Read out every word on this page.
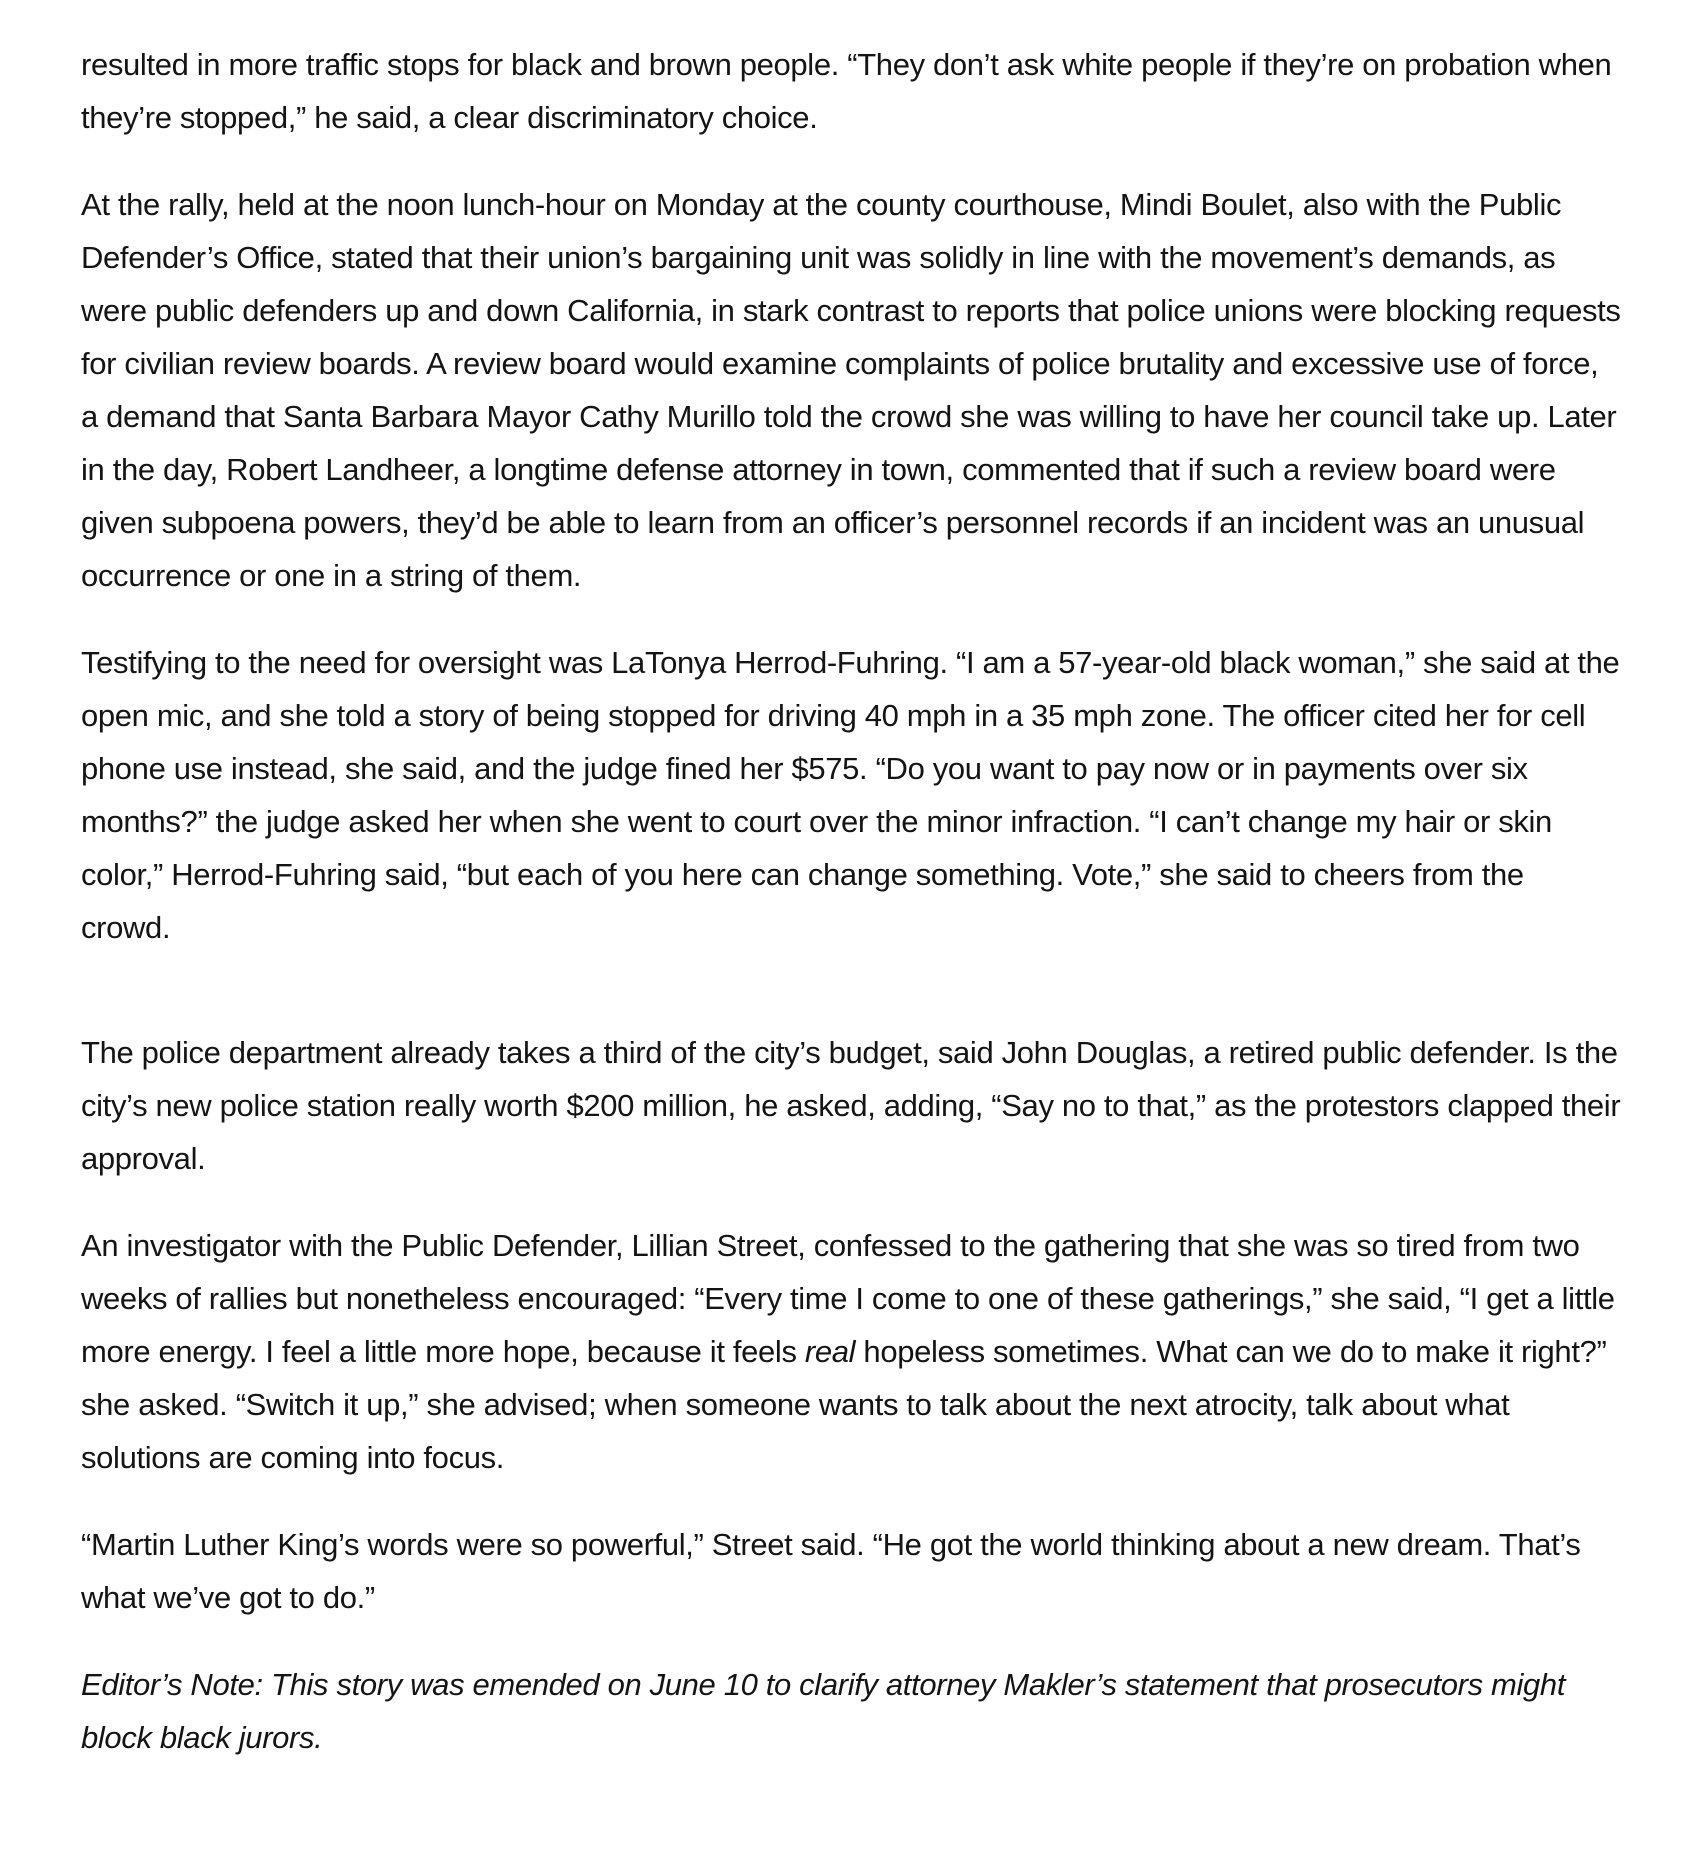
resulted in more traffic stops for black and brown people. “They don’t ask white people if they’re on probation when they’re stopped,” he said, a clear discriminatory choice.

At the rally, held at the noon lunch-hour on Monday at the county courthouse, Mindi Boulet, also with the Public Defender’s Office, stated that their union’s bargaining unit was solidly in line with the movement’s demands, as were public defenders up and down California, in stark contrast to reports that police unions were blocking requests for civilian review boards. A review board would examine complaints of police brutality and excessive use of force, a demand that Santa Barbara Mayor Cathy Murillo told the crowd she was willing to have her council take up. Later in the day, Robert Landheer, a longtime defense attorney in town, commented that if such a review board were given subpoena powers, they’d be able to learn from an officer’s personnel records if an incident was an unusual occurrence or one in a string of them.

Testifying to the need for oversight was LaTonya Herrod-Fuhring. “I am a 57-year-old black woman,” she said at the open mic, and she told a story of being stopped for driving 40 mph in a 35 mph zone. The officer cited her for cell phone use instead, she said, and the judge fined her $575. “Do you want to pay now or in payments over six months?” the judge asked her when she went to court over the minor infraction. “I can’t change my hair or skin color,” Herrod-Fuhring said, “but each of you here can change something. Vote,” she said to cheers from the crowd.

The police department already takes a third of the city’s budget, said John Douglas, a retired public defender. Is the city’s new police station really worth $200 million, he asked, adding, “Say no to that,” as the protestors clapped their approval.

An investigator with the Public Defender, Lillian Street, confessed to the gathering that she was so tired from two weeks of rallies but nonetheless encouraged: “Every time I come to one of these gatherings,” she said, “I get a little more energy. I feel a little more hope, because it feels real hopeless sometimes. What can we do to make it right?” she asked. “Switch it up,” she advised; when someone wants to talk about the next atrocity, talk about what solutions are coming into focus.

“Martin Luther King’s words were so powerful,” Street said. “He got the world thinking about a new dream. That’s what we’ve got to do.”

Editor’s Note: This story was emended on June 10 to clarify attorney Makler’s statement that prosecutors might block black jurors.
